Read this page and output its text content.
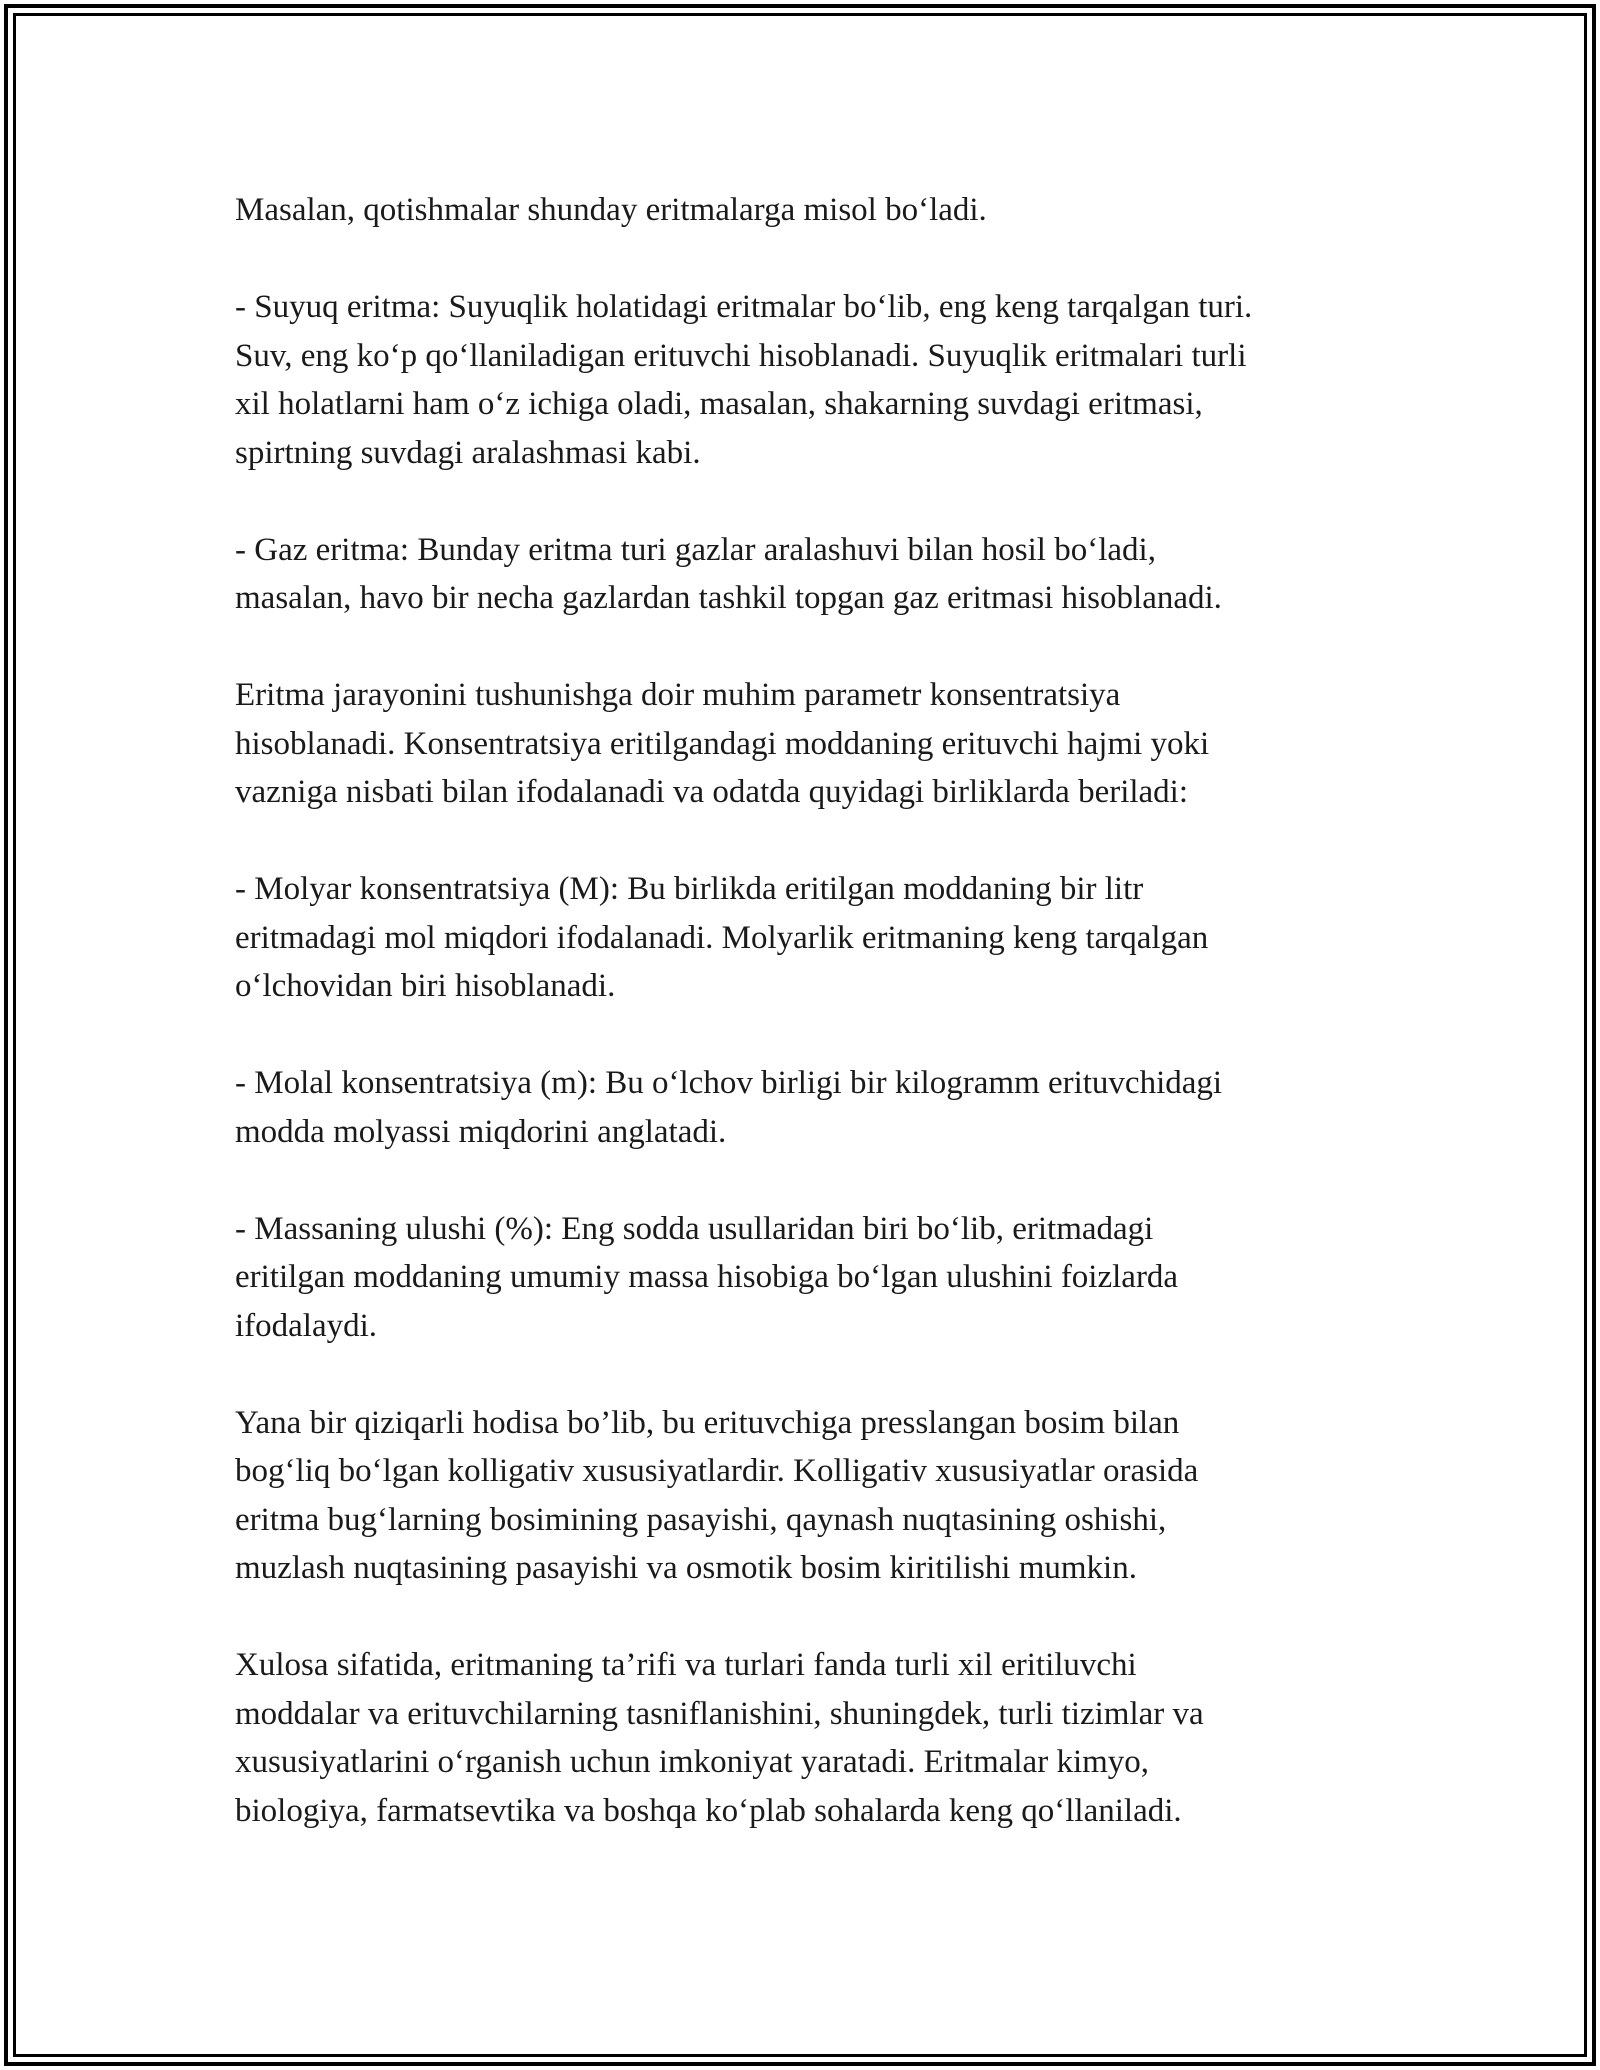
Masalan, qotishmalar shunday eritmalarga misol bo‘ladi.

- Suyuq eritma: Suyuqlik holatidagi eritmalar bo‘lib, eng keng tarqalgan turi.
Suv, eng ko‘p qo‘llaniladigan erituvchi hisoblanadi. Suyuqlik eritmalari turli
xil holatlarni ham o‘z ichiga oladi, masalan, shakarning suvdagi eritmasi,
spirtning suvdagi aralashmasi kabi.

- Gaz eritma: Bunday eritma turi gazlar aralashuvi bilan hosil bo‘ladi,
masalan, havo bir necha gazlardan tashkil topgan gaz eritmasi hisoblanadi.

Eritma jarayonini tushunishga doir muhim parametr konsentratsiya
hisoblanadi. Konsentratsiya eritilgandagi moddaning erituvchi hajmi yoki
vazniga nisbati bilan ifodalanadi va odatda quyidagi birliklarda beriladi:

- Molyar konsentratsiya (M): Bu birlikda eritilgan moddaning bir litr
eritmadagi mol miqdori ifodalanadi. Molyarlik eritmaning keng tarqalgan
o‘lchovidan biri hisoblanadi.

- Molal konsentratsiya (m): Bu o‘lchov birligi bir kilogramm erituvchidagi
modda molyassi miqdorini anglatadi.

- Massaning ulushi (%): Eng sodda usullaridan biri bo‘lib, eritmadagi
eritilgan moddaning umumiy massa hisobiga bo‘lgan ulushini foizlarda
ifodalaydi.

Yana bir qiziqarli hodisa bo’lib, bu erituvchiga presslangan bosim bilan
bog‘liq bo‘lgan kolligativ xususiyatlardir. Kolligativ xususiyatlar orasida
eritma bug‘larning bosimining pasayishi, qaynash nuqtasining oshishi,
muzlash nuqtasining pasayishi va osmotik bosim kiritilishi mumkin.

Xulosa sifatida, eritmaning ta’rifi va turlari fanda turli xil eritiluvchi
moddalar va erituvchilarning tasniflanishini, shuningdek, turli tizimlar va
xususiyatlarini o‘rganish uchun imkoniyat yaratadi. Eritmalar kimyo,
biologiya, farmatsevtika va boshqa ko‘plab sohalarda keng qo‘llaniladi.
